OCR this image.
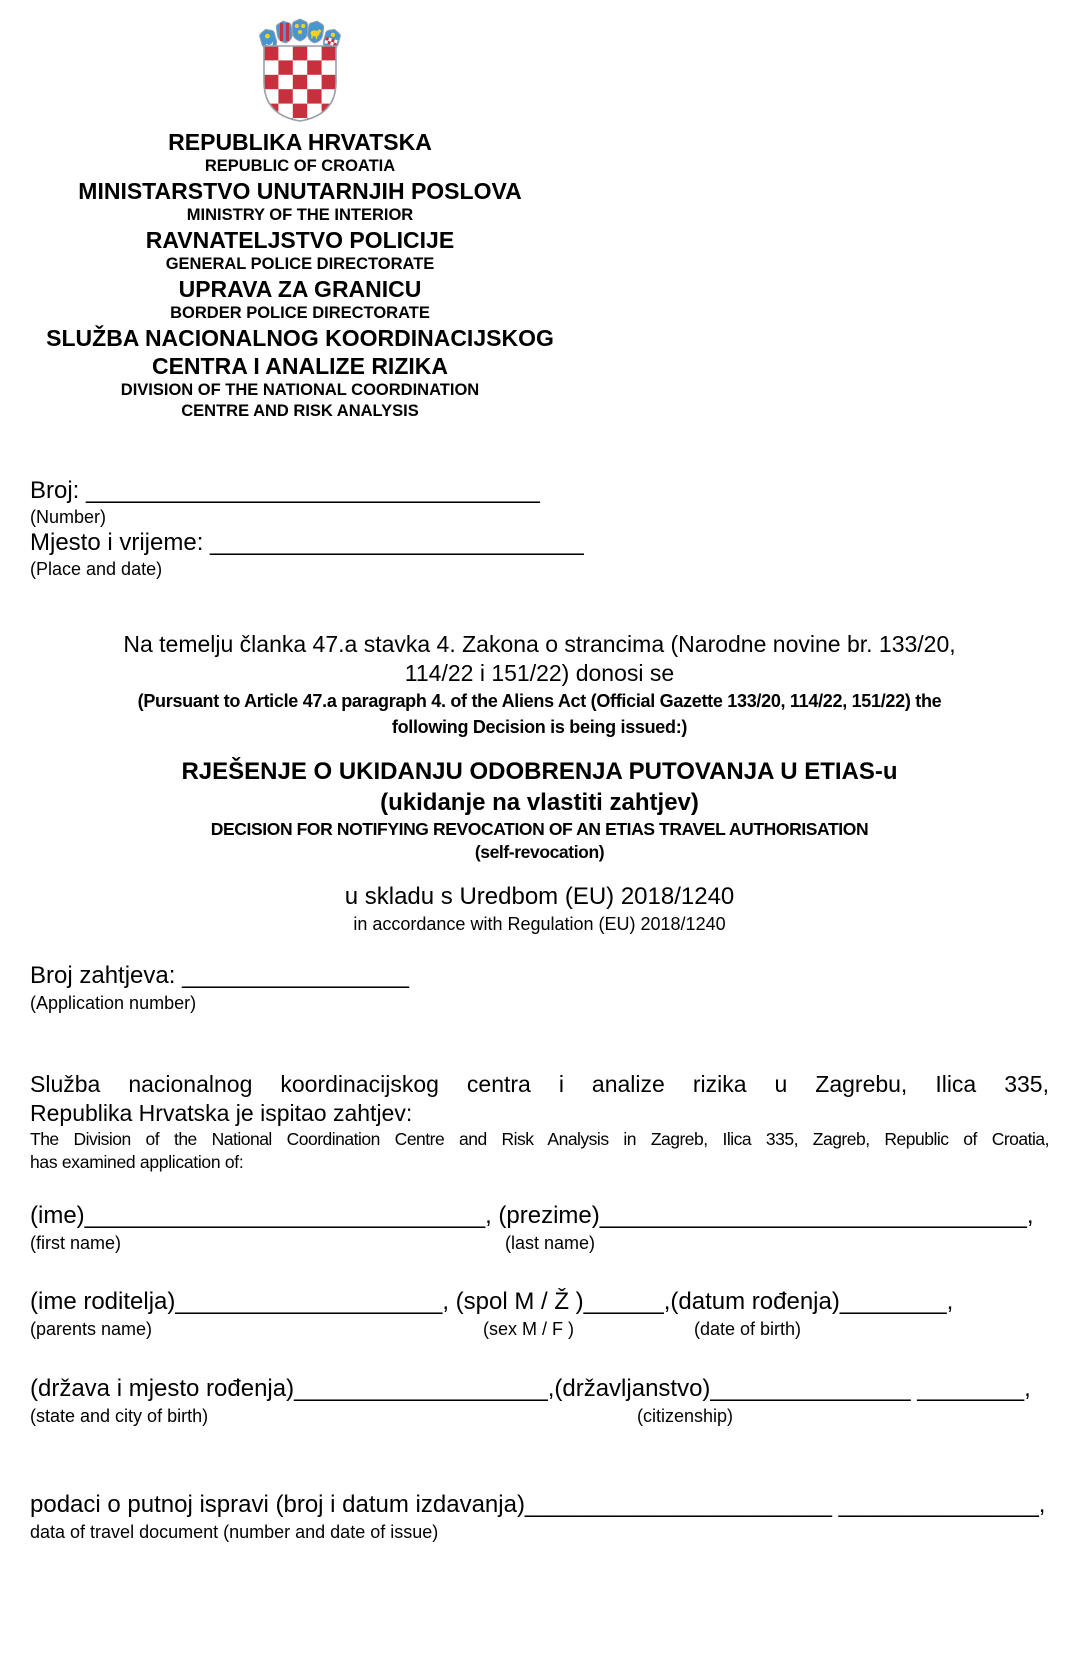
REPUBLIKA HRVATSKA
REPUBLIC OF CROATIA
MINISTARSTVO UNUTARNJIH POSLOVA
MINISTRY OF THE INTERIOR
RAVNATELJSTVO POLICIJE
GENERAL POLICE DIRECTORATE
UPRAVA ZA GRANICU
BORDER POLICE DIRECTORATE
SLUŽBA NACIONALNOG KOORDINACIJSKOG
CENTRA I ANALIZE RIZIKA
DIVISION OF THE NATIONAL COORDINATION
CENTRE AND RISK ANALYSIS
Broj: __________________________________
(Number)
Mjesto i vrijeme: ____________________________
(Place and date)
Na temelju članka 47.a stavka 4. Zakona o strancima (Narodne novine br. 133/20,
114/22 i 151/22) donosi se
(Pursuant to Article 47.a paragraph 4. of the Aliens Act (Official Gazette 133/20, 114/22, 151/22) the
following Decision is being issued:)
RJEŠENJE O UKIDANJU ODOBRENJA PUTOVANJA U ETIAS-u
(ukidanje na vlastiti zahtjev)
DECISION FOR NOTIFYING REVOCATION OF AN ETIAS TRAVEL AUTHORISATION
(self-revocation)
u skladu s Uredbom (EU) 2018/1240
in accordance with Regulation (EU) 2018/1240
Broj zahtjeva: _________________
(Application number)
Služba nacionalnog koordinacijskog centra i analize rizika u Zagrebu, Ilica 335,
Republika Hrvatska je ispitao zahtjev:
The Division of the National Coordination Centre and Risk Analysis in Zagreb, Ilica 335, Zagreb, Republic of Croatia,
has examined application of:
(ime)______________________________, (prezime)________________________________,
(first name)	(last name)
(ime roditelja)____________________, (spol M / Ž )______,(datum rođenja)________,
(parents name)	(sex M / F )	(date of birth)
(država i mjesto rođenja)___________________,(državljanstvo)_______________ ________,
(state and city of birth)	(citizenship)
podaci o putnoj ispravi (broj i datum izdavanja)_______________________ _______________,
data of travel document (number and date of issue)
